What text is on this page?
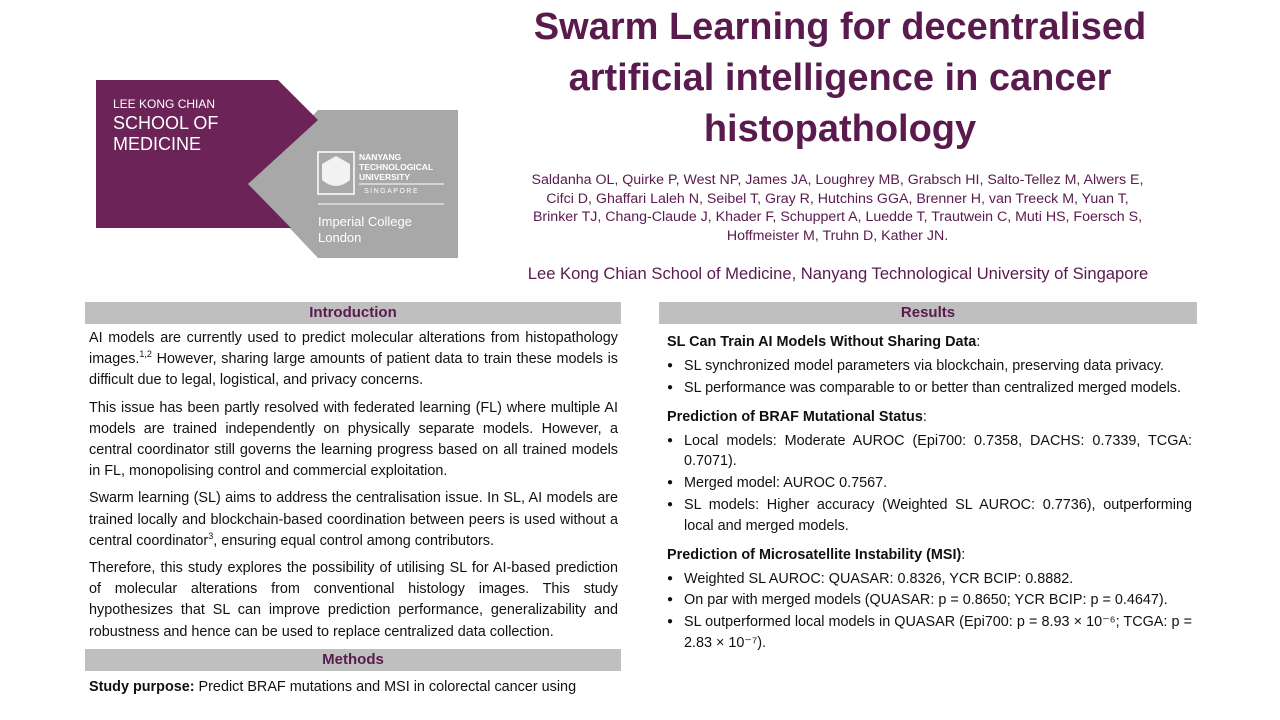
LEE KONG CHIAN
SCHOOL OF
MEDICINE
NANYANG
TECHNOLOGICAL
UNIVERSITY
SINGAPORE
Imperial College
London
Swarm Learning for decentralised
artificial intelligence in cancer
histopathology
Saldanha OL, Quirke P, West NP, James JA, Loughrey MB, Grabsch HI, Salto-Tellez M, Alwers E,
Cifci D, Ghaffari Laleh N, Seibel T, Gray R, Hutchins GGA, Brenner H, van Treeck M, Yuan T,
Brinker TJ, Chang-Claude J, Khader F, Schuppert A, Luedde T, Trautwein C, Muti HS, Foersch S,
Hoffmeister M, Truhn D, Kather JN.
Lee Kong Chian School of Medicine, Nanyang Technological University of Singapore
Introduction

AI models are currently used to predict molecular alterations from histopathology images.$^{1,2}$ However, sharing large amounts of patient data to train these models is difficult due to legal, logistical, and privacy concerns.

This issue has been partly resolved with federated learning (FL) where multiple AI models are trained independently on physically separate models. However, a central coordinator still governs the learning progress based on all trained models in FL, monopolising control and commercial exploitation.

Swarm learning (SL) aims to address the centralisation issue. In SL, AI models are trained locally and blockchain-based coordination between peers is used without a central coordinator$^3$, ensuring equal control among contributors.

Therefore, this study explores the possibility of utilising SL for AI-based prediction of molecular alterations from conventional histology images. This study hypothesizes that SL can improve prediction performance, generalizability and robustness and hence can be used to replace centralized data collection.

Methods
Study purpose: Predict BRAF mutations and MSI in colorectal cancer using
Results
SL Can Train AI Models Without Sharing Data:
● SL synchronized model parameters via blockchain, preserving data privacy.
● SL performance was comparable to or better than centralized merged models.
Prediction of BRAF Mutational Status:
● Local models: Moderate AUROC (Epi700: 0.7358, DACHS: 0.7339, TCGA: 0.7071).
● Merged model: AUROC 0.7567.
● SL models: Higher accuracy (Weighted SL AUROC: 0.7736), outperforming local and merged models.
Prediction of Microsatellite Instability (MSI):
● Weighted SL AUROC: QUASAR: 0.8326, YCR BCIP: 0.8882.
● On par with merged models (QUASAR: p = 0.8650; YCR BCIP: p = 0.4647).
● SL outperformed local models in QUASAR (Epi700: p = 8.93 × 10⁻⁶; TCGA: p = 2.83 × 10⁻⁷).
